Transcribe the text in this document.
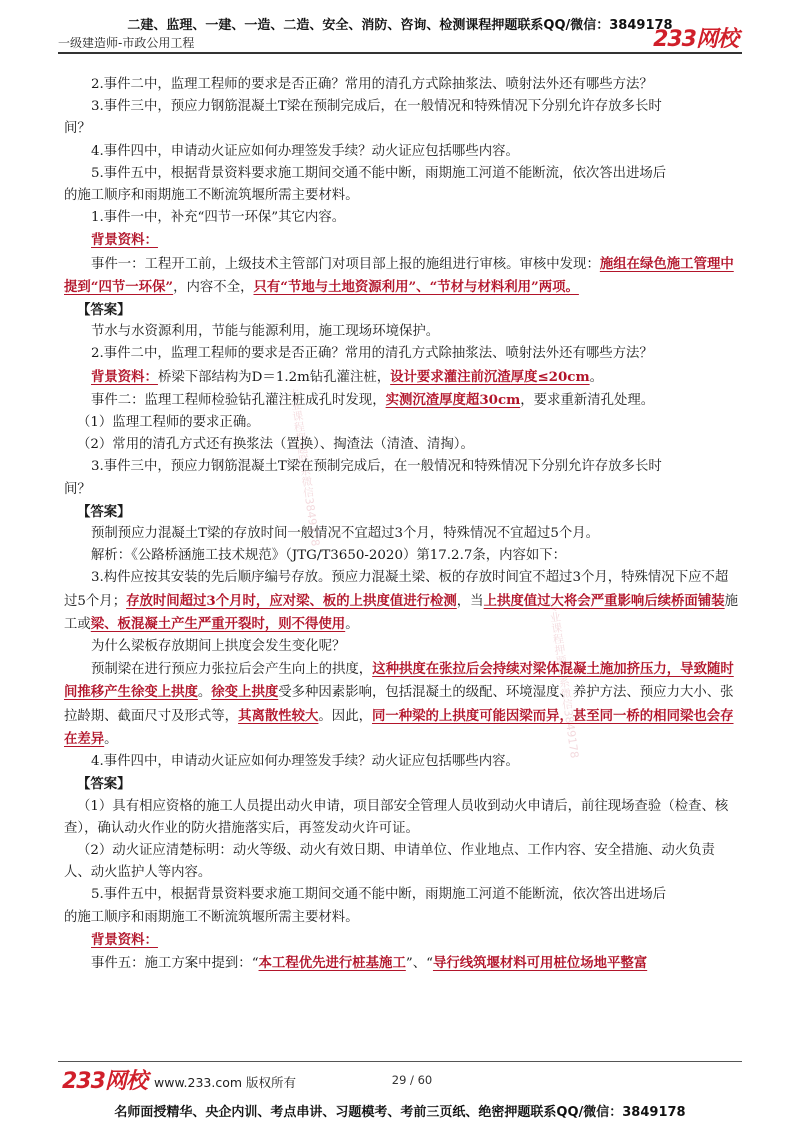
二建、监理、一建、一造、二造、安全、消防、咨询、检测课程押题联系QQ/微信：3849178
一级建造师-市政公用工程	233网校
专业课程押题联系微信3849178
专业课程押题联系微信3849178

2.事件二中，监理工程师的要求是否正确？常用的清孔方式除抽浆法、喷射法外还有哪些方法？

3.事件三中，预应力钢筋混凝土T梁在预制完成后，在一般情况和特殊情况下分别允许存放多长时

间？

4.事件四中，申请动火证应如何办理签发手续？动火证应包括哪些内容。

5.事件五中，根据背景资料要求施工期间交通不能中断，雨期施工河道不能断流，依次答出进场后

的施工顺序和雨期施工不断流筑堰所需主要材料。

1.事件一中，补充“四节一环保”其它内容。

背景资料：

事件一：工程开工前，上级技术主管部门对项目部上报的施组进行审核。审核中发现：施组在绿色施工管理中提到“四节一环保”，内容不全，只有“节地与土地资源利用”、“节材与材料利用”两项。

【答案】

节水与水资源利用，节能与能源利用，施工现场环境保护。

2.事件二中，监理工程师的要求是否正确？常用的清孔方式除抽浆法、喷射法外还有哪些方法？

背景资料：桥梁下部结构为D＝1.2m钻孔灌注桩，设计要求灌注前沉渣厚度≤20cm。

事件二：监理工程师检验钻孔灌注桩成孔时发现，实测沉渣厚度超30cm，要求重新清孔处理。

（1）监理工程师的要求正确。

（2）常用的清孔方式还有换浆法（置换）、掏渣法（清渣、清掏）。

3.事件三中，预应力钢筋混凝土T梁在预制完成后，在一般情况和特殊情况下分别允许存放多长时

间？

【答案】

预制预应力混凝土T梁的存放时间一般情况不宜超过3个月，特殊情况不宜超过5个月。

解析：《公路桥涵施工技术规范》（JTG/T3650-2020）第17.2.7条，内容如下：

3.构件应按其安装的先后顺序编号存放。预应力混凝土梁、板的存放时间宜不超过3个月，特殊情况下应不超过5个月；存放时间超过3个月时，应对梁、板的上拱度值进行检测，当上拱度值过大将会严重影响后续桥面铺装施工或梁、板混凝土产生严重开裂时，则不得使用。

为什么梁板存放期间上拱度会发生变化呢？

预制梁在进行预应力张拉后会产生向上的拱度，这种拱度在张拉后会持续对梁体混凝土施加挤压力，导致随时间推移产生徐变上拱度。徐变上拱度受多种因素影响，包括混凝土的级配、环境湿度、养护方法、预应力大小、张拉龄期、截面尺寸及形式等，其离散性较大。因此，同一种梁的上拱度可能因梁而异，甚至同一桥的相同梁也会存在差异。

4.事件四中，申请动火证应如何办理签发手续？动火证应包括哪些内容。

【答案】

（1）具有相应资格的施工人员提出动火申请，项目部安全管理人员收到动火申请后，前往现场查验（检查、核查），确认动火作业的防火措施落实后，再签发动火许可证。

（2）动火证应清楚标明：动火等级、动火有效日期、申请单位、作业地点、工作内容、安全措施、动火负责人、动火监护人等内容。

5.事件五中，根据背景资料要求施工期间交通不能中断，雨期施工河道不能断流，依次答出进场后

的施工顺序和雨期施工不断流筑堰所需主要材料。

背景资料：

事件五：施工方案中提到：“本工程优先进行桩基施工”、“导行线筑堰材料可用桩位场地平整富

233网校 www.233.com 版权所有	29 / 60
名师面授精华、央企内训、考点串讲、习题模考、考前三页纸、绝密押题联系QQ/微信：3849178
